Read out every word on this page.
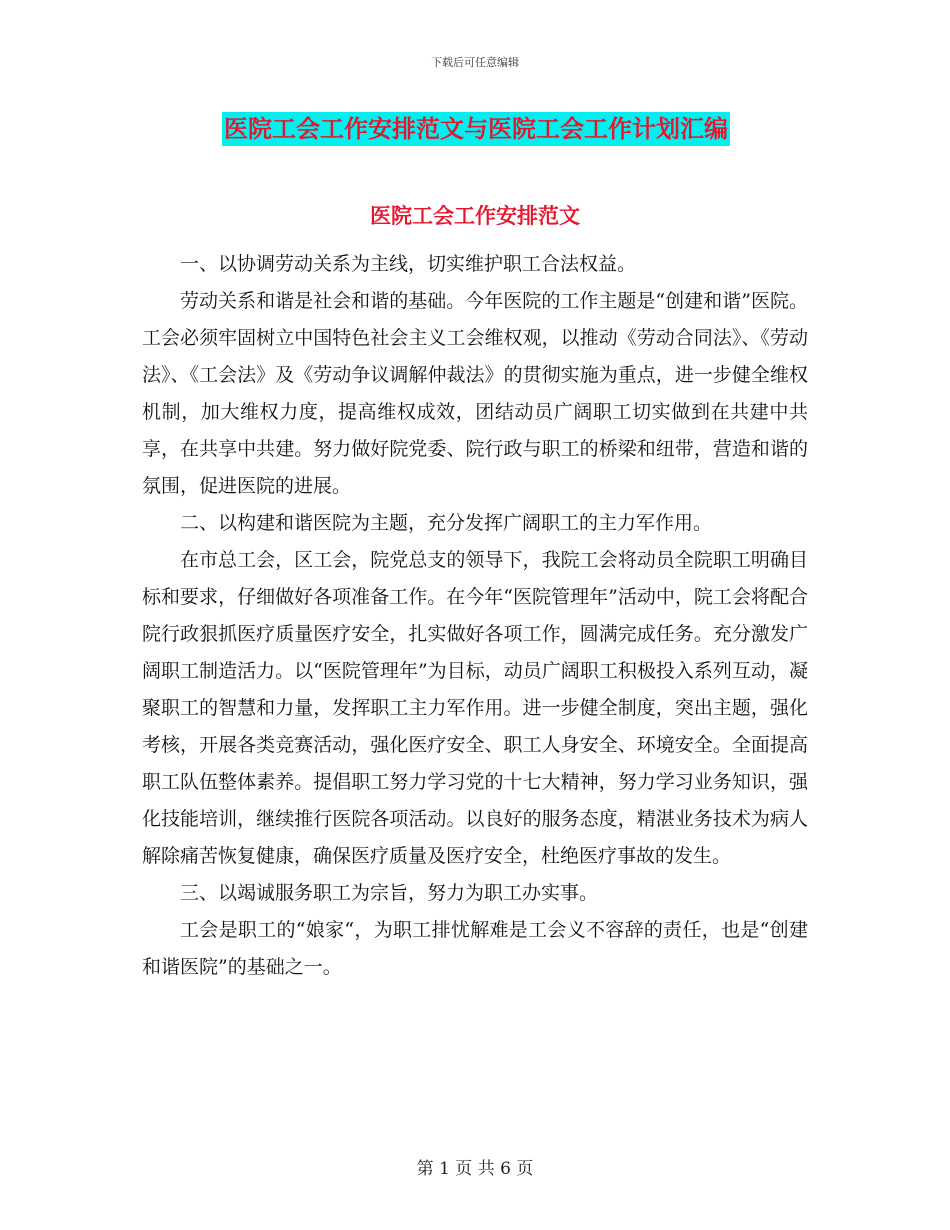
下载后可任意编辑
医院工会工作安排范文与医院工会工作计划汇编
医院工会工作安排范文

一、以协调劳动关系为主线，切实维护职工合法权益。

劳动关系和谐是社会和谐的基础。今年医院的工作主题是“创建和谐”医院。工会必须牢固树立中国特色社会主义工会维权观，以推动《劳动合同法》、《劳动法》、《工会法》及《劳动争议调解仲裁法》的贯彻实施为重点，进一步健全维权机制，加大维权力度，提高维权成效，团结动员广阔职工切实做到在共建中共享，在共享中共建。努力做好院党委、院行政与职工的桥梁和纽带，营造和谐的氛围，促进医院的进展。

二、以构建和谐医院为主题，充分发挥广阔职工的主力军作用。

在市总工会，区工会，院党总支的领导下，我院工会将动员全院职工明确目标和要求，仔细做好各项准备工作。在今年“医院管理年”活动中，院工会将配合院行政狠抓医疗质量医疗安全，扎实做好各项工作，圆满完成任务。充分激发广阔职工制造活力。以“医院管理年”为目标，动员广阔职工积极投入系列互动，凝聚职工的智慧和力量，发挥职工主力军作用。进一步健全制度，突出主题，强化考核，开展各类竞赛活动，强化医疗安全、职工人身安全、环境安全。全面提高职工队伍整体素养。提倡职工努力学习党的十七大精神，努力学习业务知识，强化技能培训，继续推行医院各项活动。以良好的服务态度，精湛业务技术为病人解除痛苦恢复健康，确保医疗质量及医疗安全，杜绝医疗事故的发生。

三、以竭诚服务职工为宗旨，努力为职工办实事。

工会是职工的“娘家“，为职工排忧解难是工会义不容辞的责任，也是“创建和谐医院”的基础之一。

第 1 页 共 6 页
